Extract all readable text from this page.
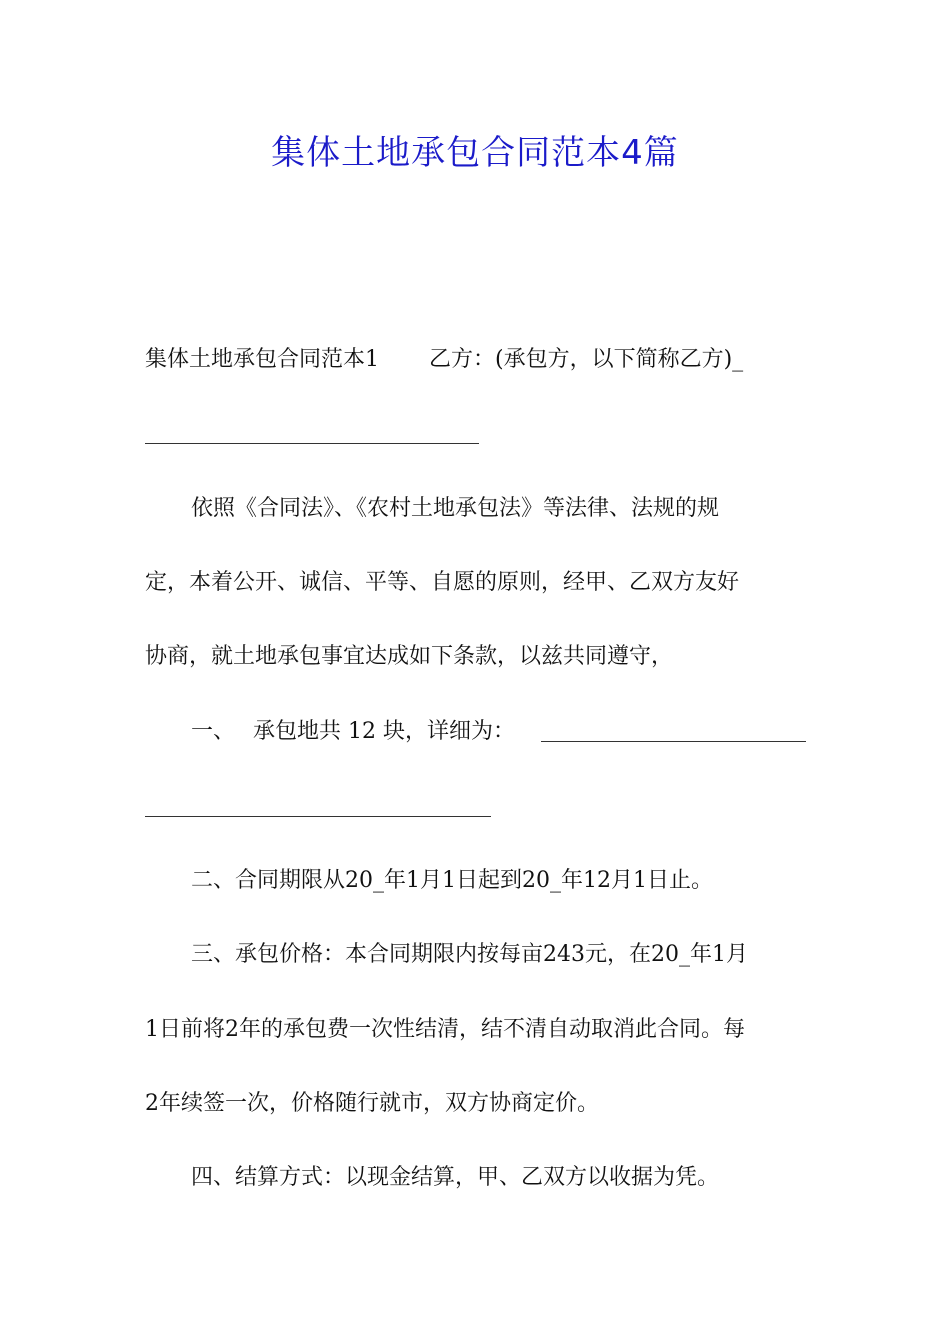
集体土地承包合同范本4篇
集体土地承包合同范本1 乙方：(承包方，以下简称乙方)_
依照《合同法》、《农村土地承包法》等法律、法规的规
定，本着公开、诚信、平等、自愿的原则，经甲、乙双方友好
协商，就土地承包事宜达成如下条款，以兹共同遵守，
一、 承包地共 12 块，详细为：
二、合同期限从20_年1月1日起到20_年12月1日止。
三、承包价格：本合同期限内按每亩243元，在20_年1月
1日前将2年的承包费一次性结清，结不清自动取消此合同。每
2年续签一次，价格随行就市，双方协商定价。
四、结算方式：以现金结算，甲、乙双方以收据为凭。
